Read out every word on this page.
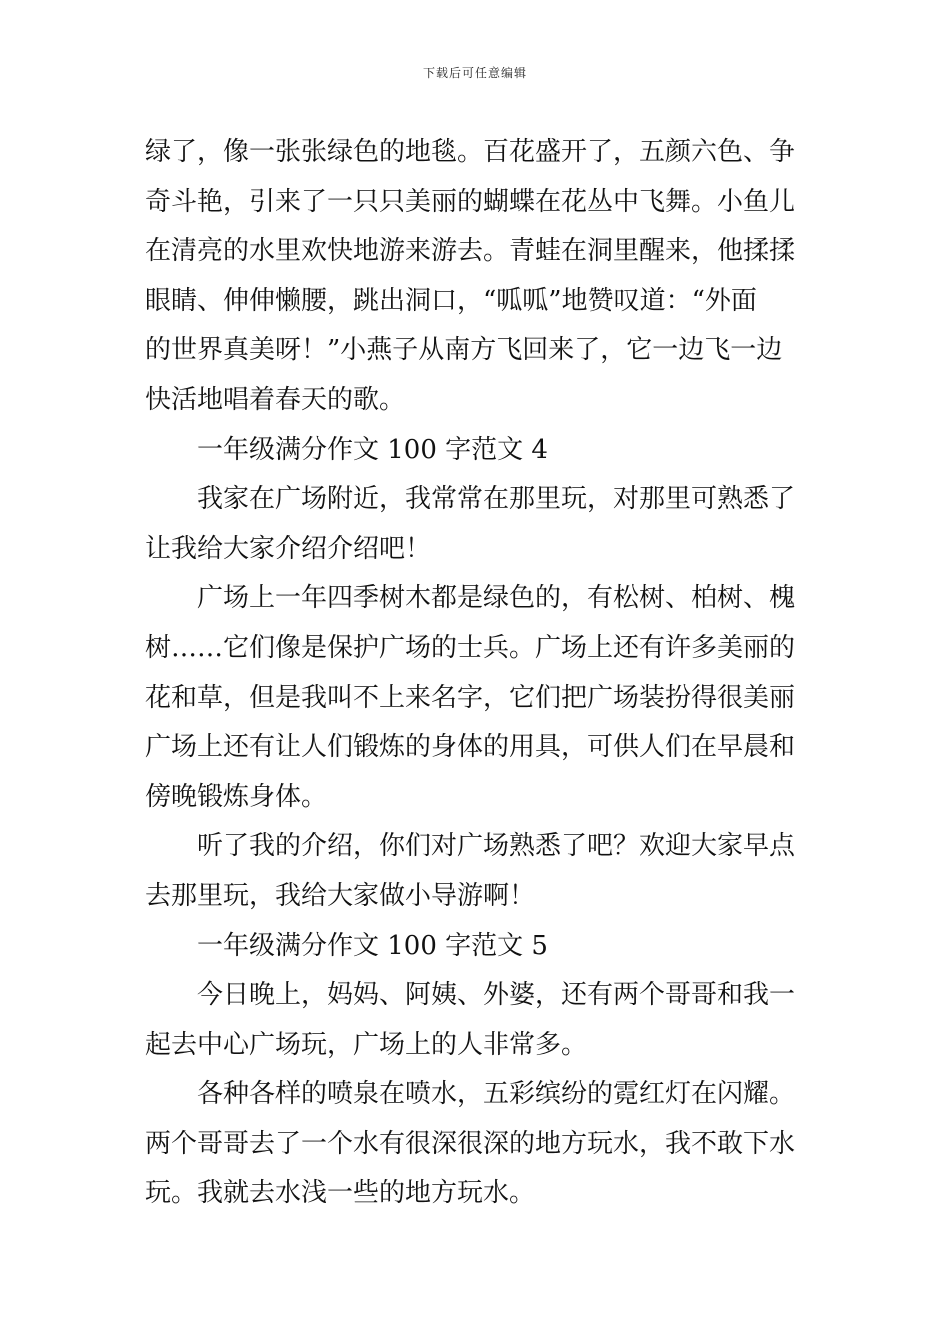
下载后可任意编辑
绿了，像一张张绿色的地毯。百花盛开了，五颜六色、争
奇斗艳，引来了一只只美丽的蝴蝶在花丛中飞舞。小鱼儿
在清亮的水里欢快地游来游去。青蛙在洞里醒来，他揉揉
眼睛、伸伸懒腰，跳出洞口，“呱呱”地赞叹道：“外面
的世界真美呀！”小燕子从南方飞回来了，它一边飞一边
快活地唱着春天的歌。
一年级满分作文 100 字范文 4
我家在广场附近，我常常在那里玩，对那里可熟悉了
让我给大家介绍介绍吧！
广场上一年四季树木都是绿色的，有松树、柏树、槐
树……它们像是保护广场的士兵。广场上还有许多美丽的
花和草，但是我叫不上来名字，它们把广场装扮得很美丽
广场上还有让人们锻炼的身体的用具，可供人们在早晨和
傍晚锻炼身体。
听了我的介绍，你们对广场熟悉了吧？欢迎大家早点
去那里玩，我给大家做小导游啊！
一年级满分作文 100 字范文 5
今日晚上，妈妈、阿姨、外婆，还有两个哥哥和我一
起去中心广场玩，广场上的人非常多。
各种各样的喷泉在喷水，五彩缤纷的霓红灯在闪耀。
两个哥哥去了一个水有很深很深的地方玩水，我不敢下水
玩。我就去水浅一些的地方玩水。
